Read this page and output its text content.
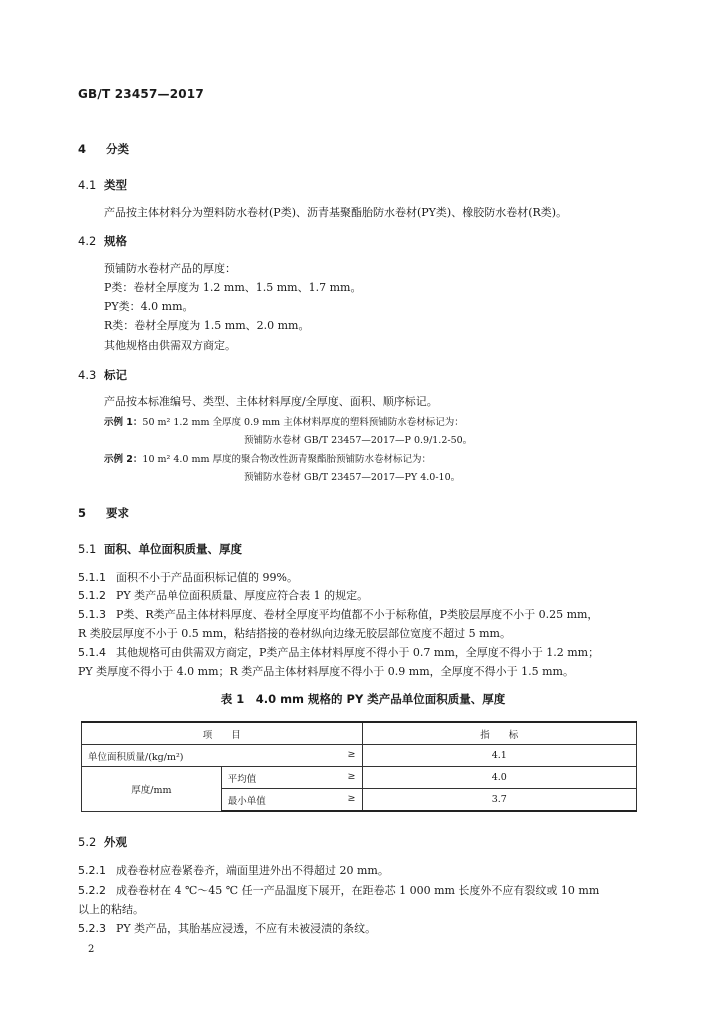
GB/T 23457—2017
4 分类
4.1 类型
产品按主体材料分为塑料防水卷材(P类)、沥青基聚酯胎防水卷材(PY类)、橡胶防水卷材(R类)。
4.2 规格
预铺防水卷材产品的厚度：
P类：卷材全厚度为 1.2 mm、1.5 mm、1.7 mm。
PY类：4.0 mm。
R类：卷材全厚度为 1.5 mm、2.0 mm。
其他规格由供需双方商定。
4.3 标记
产品按本标准编号、类型、主体材料厚度/全厚度、面积、顺序标记。
示例 1：50 m² 1.2 mm 全厚度 0.9 mm 主体材料厚度的塑料预铺防水卷材标记为：
预铺防水卷材 GB/T 23457—2017—P 0.9/1.2-50。
示例 2：10 m² 4.0 mm 厚度的聚合物改性沥青聚酯胎预铺防水卷材标记为：
预铺防水卷材 GB/T 23457—2017—PY 4.0-10。
5 要求
5.1 面积、单位面积质量、厚度
5.1.1 面积不小于产品面积标记值的 99%。
5.1.2 PY 类产品单位面积质量、厚度应符合表 1 的规定。
5.1.3 P类、R类产品主体材料厚度、卷材全厚度平均值都不小于标称值，P类胶层厚度不小于 0.25 mm，
R 类胶层厚度不小于 0.5 mm，粘结搭接的卷材纵向边缘无胶层部位宽度不超过 5 mm。
5.1.4 其他规格可由供需双方商定，P类产品主体材料厚度不得小于 0.7 mm，全厚度不得小于 1.2 mm；
PY 类厚度不得小于 4.0 mm；R 类产品主体材料厚度不得小于 0.9 mm，全厚度不得小于 1.5 mm。
表 1　4.0 mm 规格的 PY 类产品单位面积质量、厚度
项　　目		指　　标
单位面积质量/(kg/m²) ≥		4.1
厚度/mm	平均值 ≥	4.0
	最小单值 ≥	3.7
5.2 外观
5.2.1 成卷卷材应卷紧卷齐，端面里进外出不得超过 20 mm。
5.2.2 成卷卷材在 4 ℃～45 ℃ 任一产品温度下展开，在距卷芯 1 000 mm 长度外不应有裂纹或 10 mm
以上的粘结。
5.2.3 PY 类产品，其胎基应浸透，不应有未被浸渍的条纹。
2
